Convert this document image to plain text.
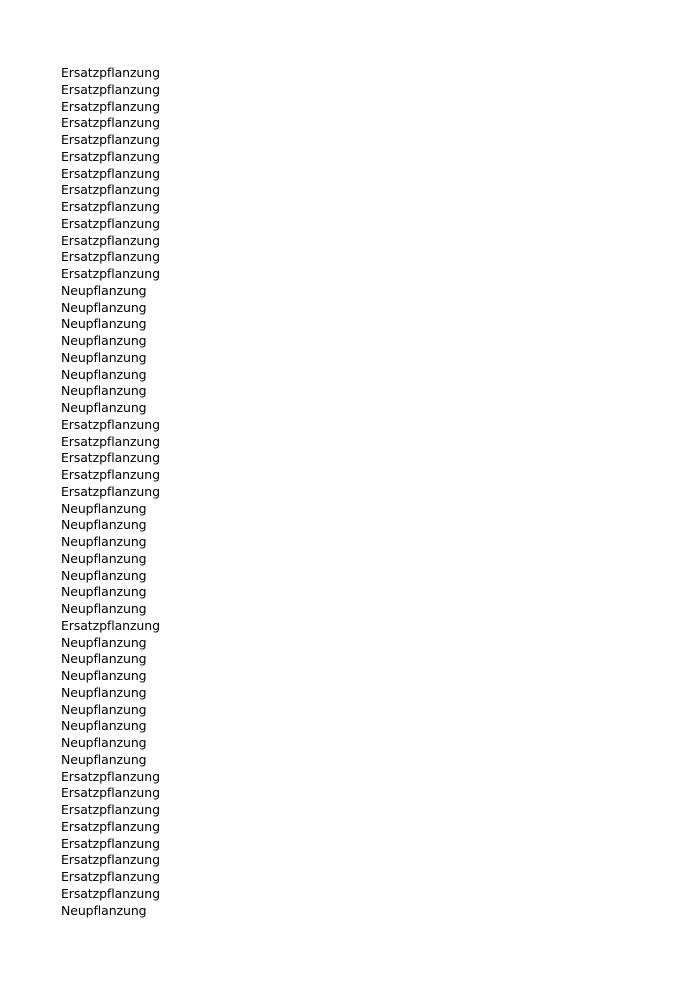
Ersatzpflanzung
Ersatzpflanzung
Ersatzpflanzung
Ersatzpflanzung
Ersatzpflanzung
Ersatzpflanzung
Ersatzpflanzung
Ersatzpflanzung
Ersatzpflanzung
Ersatzpflanzung
Ersatzpflanzung
Ersatzpflanzung
Ersatzpflanzung
Neupflanzung
Neupflanzung
Neupflanzung
Neupflanzung
Neupflanzung
Neupflanzung
Neupflanzung
Neupflanzung
Ersatzpflanzung
Ersatzpflanzung
Ersatzpflanzung
Ersatzpflanzung
Ersatzpflanzung
Neupflanzung
Neupflanzung
Neupflanzung
Neupflanzung
Neupflanzung
Neupflanzung
Neupflanzung
Ersatzpflanzung
Neupflanzung
Neupflanzung
Neupflanzung
Neupflanzung
Neupflanzung
Neupflanzung
Neupflanzung
Neupflanzung
Ersatzpflanzung
Ersatzpflanzung
Ersatzpflanzung
Ersatzpflanzung
Ersatzpflanzung
Ersatzpflanzung
Ersatzpflanzung
Ersatzpflanzung
Neupflanzung
